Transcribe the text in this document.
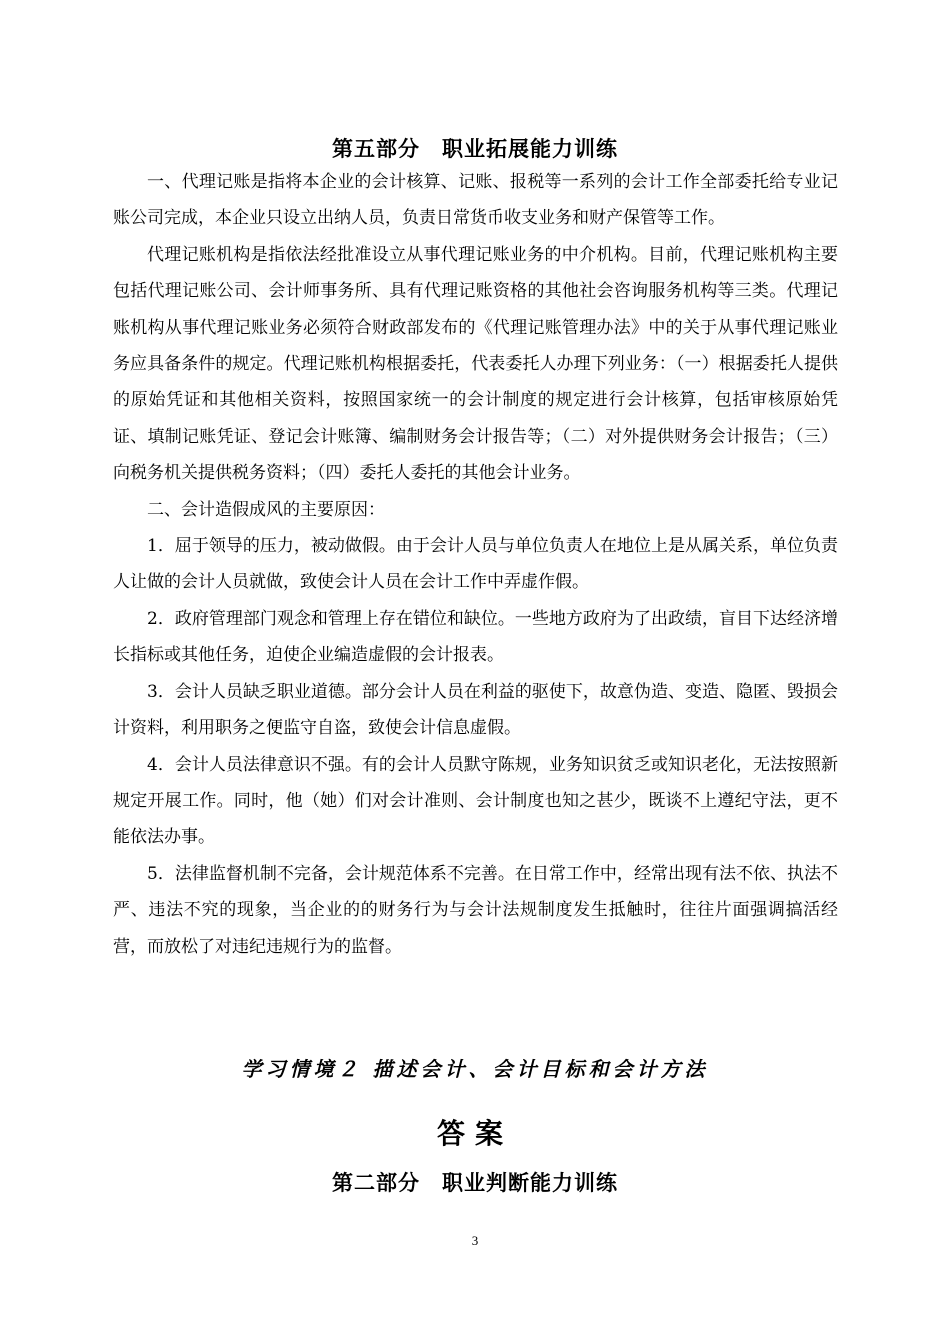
第五部分　职业拓展能力训练

一、代理记账是指将本企业的会计核算、记账、报税等一系列的会计工作全部委托给专业记账公司完成，本企业只设立出纳人员，负责日常货币收支业务和财产保管等工作。

代理记账机构是指依法经批准设立从事代理记账业务的中介机构。目前，代理记账机构主要包括代理记账公司、会计师事务所、具有代理记账资格的其他社会咨询服务机构等三类。代理记账机构从事代理记账业务必须符合财政部发布的《代理记账管理办法》中的关于从事代理记账业务应具备条件的规定。代理记账机构根据委托，代表委托人办理下列业务：（一）根据委托人提供的原始凭证和其他相关资料，按照国家统一的会计制度的规定进行会计核算，包括审核原始凭证、填制记账凭证、登记会计账簿、编制财务会计报告等；（二）对外提供财务会计报告；（三）向税务机关提供税务资料；（四）委托人委托的其他会计业务。

二、会计造假成风的主要原因：

1．屈于领导的压力，被动做假。由于会计人员与单位负责人在地位上是从属关系，单位负责人让做的会计人员就做，致使会计人员在会计工作中弄虚作假。

2．政府管理部门观念和管理上存在错位和缺位。一些地方政府为了出政绩，盲目下达经济增长指标或其他任务，迫使企业编造虚假的会计报表。

3．会计人员缺乏职业道德。部分会计人员在利益的驱使下，故意伪造、变造、隐匿、毁损会计资料，利用职务之便监守自盗，致使会计信息虚假。

4．会计人员法律意识不强。有的会计人员默守陈规，业务知识贫乏或知识老化，无法按照新规定开展工作。同时，他（她）们对会计准则、会计制度也知之甚少，既谈不上遵纪守法，更不能依法办事。

5．法律监督机制不完备，会计规范体系不完善。在日常工作中，经常出现有法不依、执法不严、违法不究的现象，当企业的的财务行为与会计法规制度发生抵触时，往往片面强调搞活经营，而放松了对违纪违规行为的监督。

学习情境２ 描述会计、会计目标和会计方法
答案
第二部分　职业判断能力训练
3
